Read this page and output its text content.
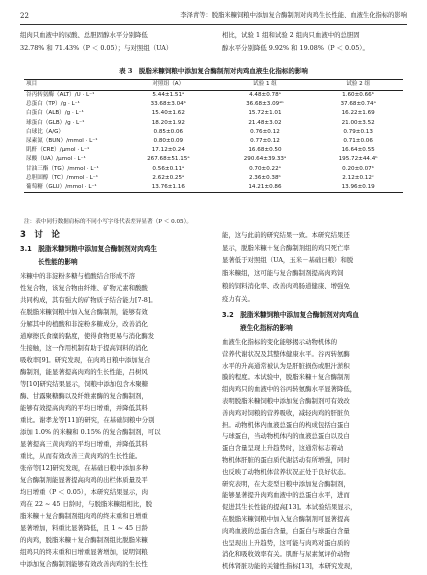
22	李泽青等：脱脂米糠饲粮中添加复合酶制剂对肉鸡生长性能、血液生化指标的影响
组肉只血液中的尿酸、总胆固醇水平分别降低
32.78% 和 71.43%（P ＜ 0.05）；与对照组（UA）
相比，试验 1 组和试验 2 组肉只血液中的总胆固
醇水平分别降低 9.92% 和 19.08%（P ＜ 0.05）。
表 3　脱脂米糠饲粮中添加复合酶制剂对肉鸡血液生化指标的影响
项目	对照组（A）	试验 1 组	试验 2 组
谷丙转氨酶（ALT）/U · L⁻¹	5.44±1.51ᵃ	4.48±0.78ᵃ	1.60±0.66ᵇ
总蛋白（TP）/g · L⁻¹	33.68±3.04ᵇ	36.68±3.09ᵃᵇ	37.68±0.74ᵃ
白蛋白（ALB）/g · L⁻¹	15.40±1.62	15.72±1.01	16.22±1.69
球蛋白（GLB）/g · L⁻¹	18.20±1.92	21.48±3.02	21.00±3.52
白球比（A/G）	0.85±0.06	0.76±0.12	0.79±0.13
尿素氮（BUN）/mmol · L⁻¹	0.80±0.09	0.77±0.12	0.71±0.06
肌酐（CRE）/μmol · L⁻¹	17.12±0.24	16.68±0.50	16.64±0.55
尿酸（UA）/μmol · L⁻¹	267.68±51.15ᵃ	290.64±39.33ᵃ	195.72±44.4ᵇ
甘油三酯（TG）/mmol · L⁻¹	0.56±0.11ᵃ	0.70±0.22ᵃ	0.20±0.07ᵇ
总胆固醇（TC）/mmol · L⁻¹	2.62±0.25ᵃ	2.36±0.38ᵇ	2.12±0.12ᶜ
葡萄糖（GLU）/mmol · L⁻¹	13.76±1.16	14.21±0.86	13.96±0.19
注：表中同行数据肩标的不同小写字母代表差异显著（P ＜ 0.05）。
3　讨　论
3.1　脱脂米糠饲粮中添加复合酶制剂对肉鸡生
长性能的影响
米糠中的非淀粉多糖与植酸结合形成不溶
性复合物，该复合物由纤维、矿物元素和酸酸
共同构成，其有强大的矿物质子结合能力[7-8]。
在脱脂米糠饲粮中加入复合酶制剂，能够有效
分解其中的植酸和非淀粉多糖成分，改善消化
道摩擦氏食糜的黏度，使得食物更易与消化酶发
生接触，这一作用机制有助于提高饲料的消化
吸收率[9]。研究发现，在肉鸡日粮中添加复合
酶制剂，能显著提高肉鸡的生长性能，吕树风
等[10]研究结果显示，饲粮中添加包含木聚糖
酶、甘露聚糖酶以及纤维素酶的复合酶制剂，
能够有效提高肉鸡的平均日增重，并降低其料
重比。谢孝龙等[11]的研究，在基础饲粮中分别
添加 1.0% 的米糠和 0.15% 的复合酶制剂，可以
显著提高三黄肉鸡的平均日增重，并降低其料
重比，从而有效改善三黄肉鸡的生长性能。
张帝等[12]研究发现，在基础日粮中添加多种
复合酶制剂能显著提高肉鸡的出栏体质量及平
均日增重（P ＜ 0.05），本研究结果显示，肉
鸡在 22 ~ 45 日龄时，与脱脂米糠组相比，脱
脂米糠＋复合酶制剂组肉鸡的终末重和日增重
显著增加，料重比显著降低，且 1 ~ 45 日龄
的肉鸡，脱脂米糠＋复合酶制剂组比脱脂米糠
组鸡只的终末重和日增重显著增加，说明饲粮
中添加复合酶制剂能够有效改善肉鸡的生长性
能，这与此前的研究结果一致。本研究结果还
显示，脱脂米糠＋复合酶制剂组的鸡只死亡率
显著低于对照组（UA，玉米－基础日粮）和脱
脂米糠组，这可能与复合酶制剂提高肉鸡饲
粮的饲料消化率、改善肉鸡肠道健康、增强免
疫力有关。
3.2　脱脂米糠饲粮中添加复合酶制剂对肉鸡血
液生化指标的影响
血液生化指标的变化能够揭示动物机体的
营养代谢状况及其整体健康水平。谷丙转氨酶
水平的升高通常被认为是肝脏损伤或胆汁淤积
膜的程度。本试验中，脱脂米糠＋复合酶制剂
组肉鸡只的血液中的谷丙转氨酶水平显著降低，
表明脱脂米糠饲粮中添加复合酶制剂可有效改
善肉鸡对饲粮的营养吸收，减轻肉鸡的肝脏负
担。动物机体内血液总蛋白的构成包括白蛋白
与球蛋白，当动物机体内的血液总蛋白以及白
蛋白含量呈现上升趋势时，这通常标志着动
物机体肝脏的蛋白质代谢活动有所增强，同时
也反映了动物机体营养状况正处于良好状态。
研究表明，在大麦型日粮中添加复合酶制剂，
能够显著提升肉鸡血液中的总蛋白水平，进而
促进其生长性能的提高[13]。本试验结果显示，
在脱脂米糠饲粮中加入复合酶制剂可显著提高
肉鸡血液的总蛋白含量，白蛋白与球蛋白含量
也呈现出上升趋势，这可能与肉鸡对蛋白质的
消化和吸收效率有关。肌酐与尿素氮评价动物
机体肾脏功能的关键性指标[13]，本研究发现，
